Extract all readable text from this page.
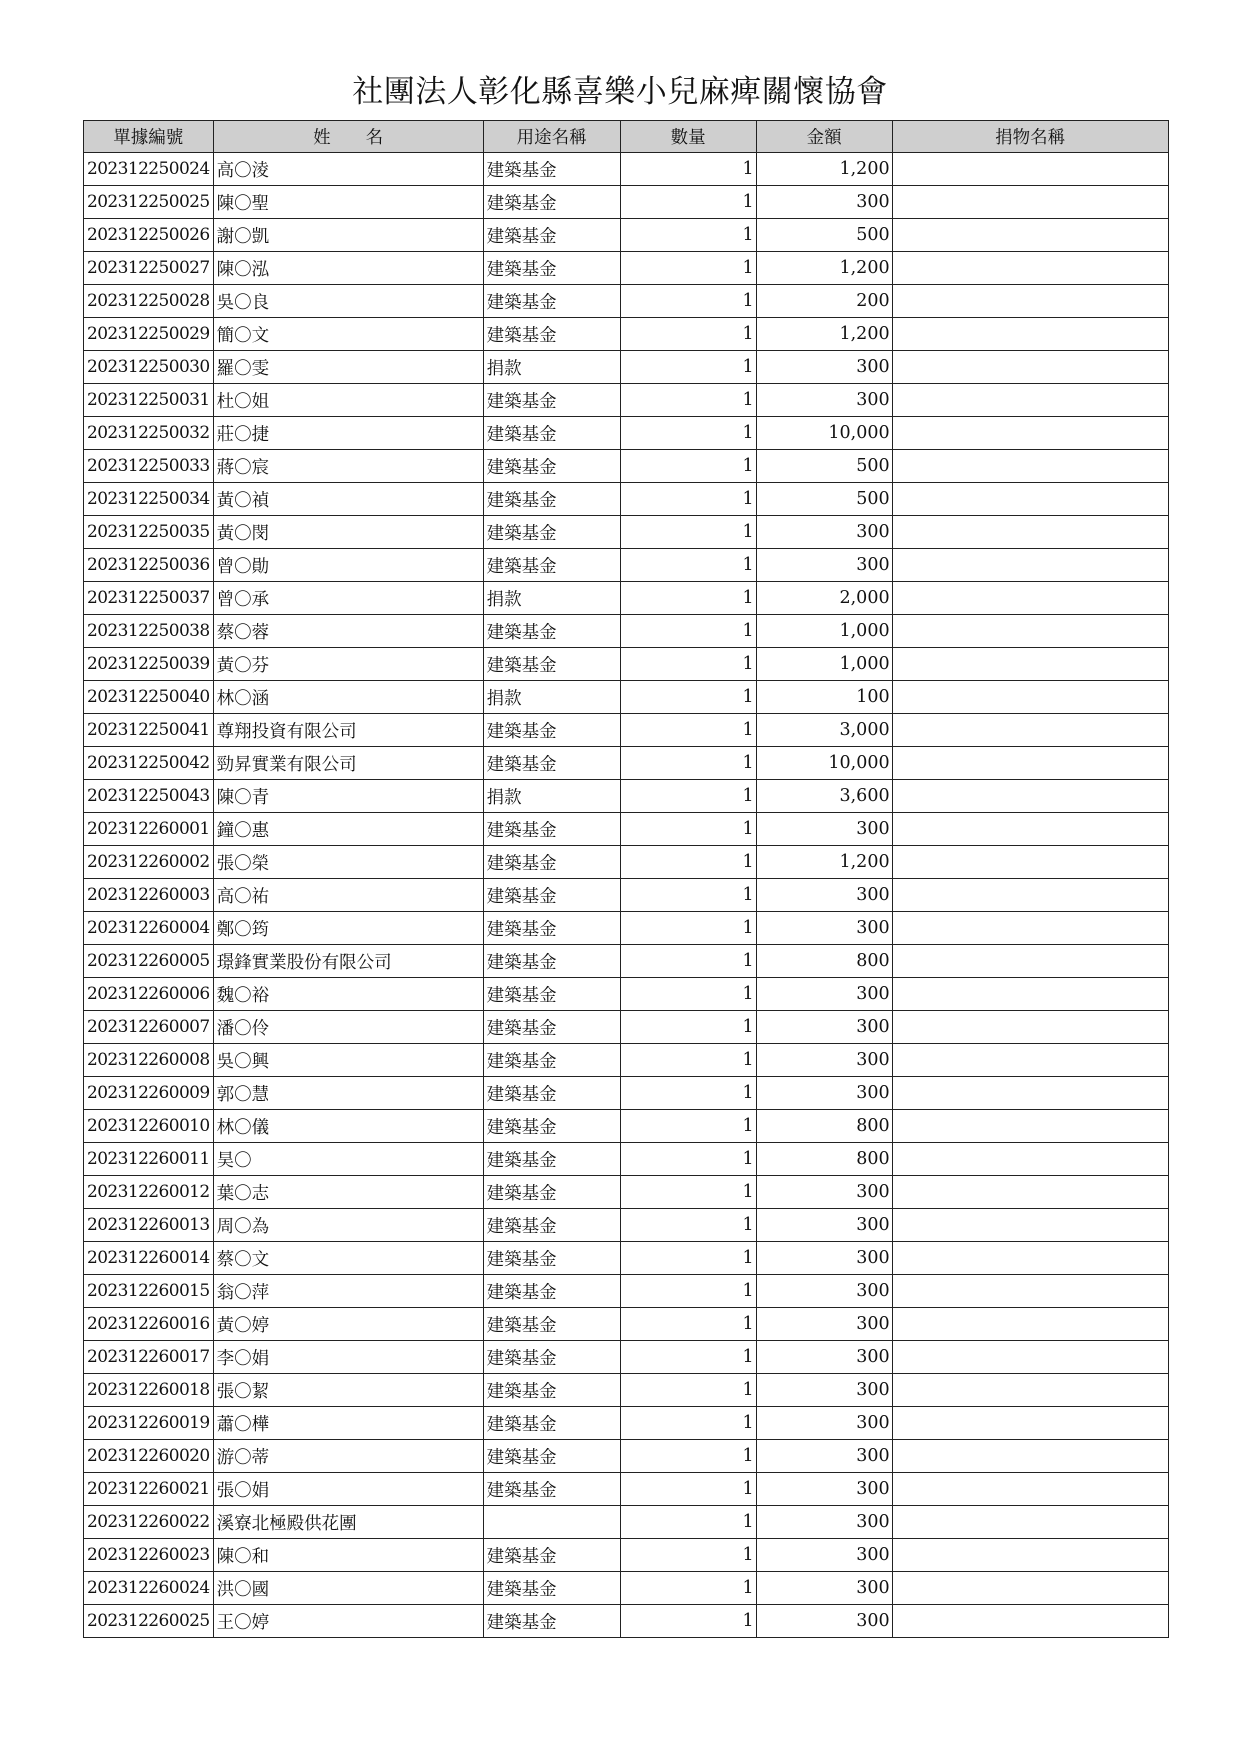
社團法人彰化縣喜樂小兒麻痺關懷協會
單據編號	姓　　名	用途名稱	數量	金額	捐物名稱
202312250024	高〇淩	建築基金	1	1,200	
202312250025	陳〇聖	建築基金	1	300	
202312250026	謝〇凱	建築基金	1	500	
202312250027	陳〇泓	建築基金	1	1,200	
202312250028	吳〇良	建築基金	1	200	
202312250029	簡〇文	建築基金	1	1,200	
202312250030	羅〇雯	捐款	1	300	
202312250031	杜〇姐	建築基金	1	300	
202312250032	莊〇捷	建築基金	1	10,000	
202312250033	蔣〇宸	建築基金	1	500	
202312250034	黃〇禎	建築基金	1	500	
202312250035	黃〇閔	建築基金	1	300	
202312250036	曾〇勛	建築基金	1	300	
202312250037	曾〇承	捐款	1	2,000	
202312250038	蔡〇蓉	建築基金	1	1,000	
202312250039	黃〇芬	建築基金	1	1,000	
202312250040	林〇涵	捐款	1	100	
202312250041	尊翔投資有限公司	建築基金	1	3,000	
202312250042	勁昇實業有限公司	建築基金	1	10,000	
202312250043	陳〇青	捐款	1	3,600	
202312260001	鐘〇惠	建築基金	1	300	
202312260002	張〇榮	建築基金	1	1,200	
202312260003	高〇祐	建築基金	1	300	
202312260004	鄭〇筠	建築基金	1	300	
202312260005	璟鋒實業股份有限公司	建築基金	1	800	
202312260006	魏〇裕	建築基金	1	300	
202312260007	潘〇伶	建築基金	1	300	
202312260008	吳〇興	建築基金	1	300	
202312260009	郭〇慧	建築基金	1	300	
202312260010	林〇儀	建築基金	1	800	
202312260011	昊〇	建築基金	1	800	
202312260012	葉〇志	建築基金	1	300	
202312260013	周〇為	建築基金	1	300	
202312260014	蔡〇文	建築基金	1	300	
202312260015	翁〇萍	建築基金	1	300	
202312260016	黃〇婷	建築基金	1	300	
202312260017	李〇娟	建築基金	1	300	
202312260018	張〇絜	建築基金	1	300	
202312260019	蕭〇樺	建築基金	1	300	
202312260020	游〇蒂	建築基金	1	300	
202312260021	張〇娟	建築基金	1	300	
202312260022	溪寮北極殿供花團		1	300	
202312260023	陳〇和	建築基金	1	300	
202312260024	洪〇國	建築基金	1	300	
202312260025	王〇婷	建築基金	1	300	
